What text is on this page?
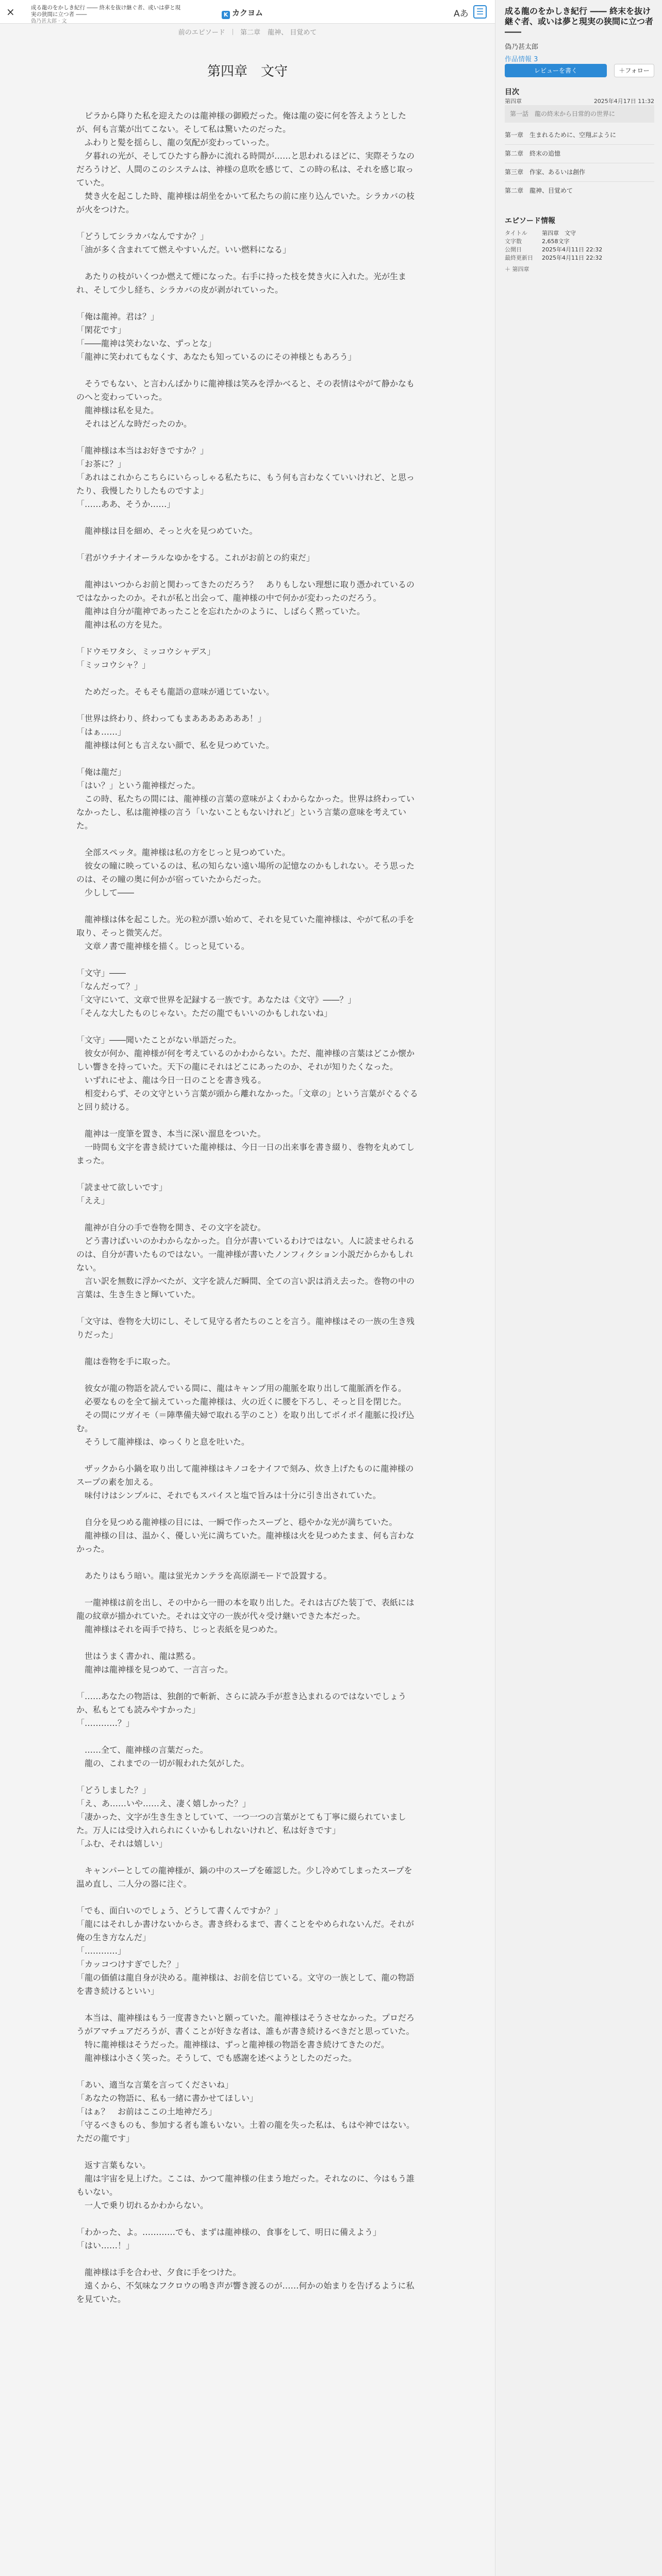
×	成る龍のをかしき紀行 ―― 終末を抜け継ぐ者、或いは夢と現実の狭間に立つ者 ――
偽乃甚太郎 · 文
K カクヨム	Aあ ☰
前のエピソード 第二章 龍神、 目覚めて
第四章　文守

　ピラから降りた私を迎えたのは龍神様の御殿だった。俺は龍の姿に何を答えようとしたが、何も言葉が出てこない。そして私は驚いたのだった。

　ふわりと髪を揺らし、龍の気配が変わっていった。

　夕暮れの光が、そしてひたすら静かに流れる時間が……と思われるほどに、実際そうなのだろうけど、人間のこのシステムは、神様の息吹を感じて、この時の私は、それを感じ取っていた。

　焚き火を起こした時、龍神様は胡坐をかいて私たちの前に座り込んでいた。シラカバの枝が火をつけた。

「どうしてシラカバなんですか？」

「油が多く含まれてて燃えやすいんだ。いい燃料になる」

　あたりの枝がいくつか燃えて煙になった。右手に持った枝を焚き火に入れた。光が生まれ、そして少し経ち、シラカバの皮が剥がれていった。

「俺は龍神。君は？」

「閑花です」

「――龍神は笑わないな、ずっとな」

「龍神に笑われてもなくす、あなたも知っているのにその神様ともあろう」

　そうでもない、と言わんばかりに龍神様は笑みを浮かべると、その表情はやがて静かなものへと変わっていった。

　龍神様は私を見た。

　それはどんな時だったのか。

「龍神様は本当はお好きですか？」

「お茶に？」

「あれはこれからこちらにいらっしゃる私たちに、もう何も言わなくていいけれど、と思ったり、我慢したりしたものですよ」

「……ああ、そうか……」

　龍神様は目を細め、そっと火を見つめていた。

「君がウチナイオーラルなゆかをする。これがお前との約束だ」

　龍神はいつからお前と関わってきたのだろう？　ありもしない理想に取り憑かれているのではなかったのか。それが私と出会って、龍神様の中で何かが変わったのだろう。

　龍神は自分が龍神であったことを忘れたかのように、しばらく黙っていた。

　龍神は私の方を見た。

「ドウモワタシ、ミッコウシャデス」

「ミッコウシャ？」

　ためだった。そもそも龍語の意味が通じていない。

「世界は終わり、終わってもまあああああああ！」

「はぁ……」

　龍神様は何とも言えない顔で、私を見つめていた。

「俺は龍だ」

「はい？」という龍神様だった。

　この時、私たちの間には、龍神様の言葉の意味がよくわからなかった。世界は終わっていなかったし、私は龍神様の言う「いないこともないけれど」という言葉の意味を考えていた。

　全部スペッタ。龍神様は私の方をじっと見つめていた。

　彼女の瞳に映っているのは、私の知らない遠い場所の記憶なのかもしれない。そう思ったのは、その瞳の奥に何かが宿っていたからだった。

　少しして――

　龍神様は体を起こした。光の粒が漂い始めて、それを見ていた龍神様は、やがて私の手を取り、そっと微笑んだ。

　文章ノ書で龍神様を描く。じっと見ている。

「文守」――

「なんだって？」

「文守にいて、文章で世界を記録する一族です。あなたは《文守》――？」

「そんな大したものじゃない。ただの龍でもいいのかもしれないね」

「文守」――聞いたことがない単語だった。

　彼女が何か、龍神様が何を考えているのかわからない。ただ、龍神様の言葉はどこか懐かしい響きを持っていた。天下の龍にそれはどこにあったのか、それが知りたくなった。

　いずれにせよ、龍は今日一日のことを書き残る。

　相変わらず、その文守という言葉が頭から離れなかった。「文章の」という言葉がぐるぐると回り続ける。

　龍神は一度筆を置き、本当に深い溜息をついた。

　一時間も文字を書き続けていた龍神様は、今日一日の出来事を書き綴り、巻物を丸めてしまった。

「読ませて欲しいです」

「ええ」

　龍神が自分の手で巻物を開き、その文字を読む。

　どう書けばいいのかわからなかった。自分が書いているわけではない。人に読ませられるのは、自分が書いたものではない。一龍神様が書いたノンフィクション小説だからかもしれない。

　言い訳を無数に浮かべたが、文字を読んだ瞬間、全ての言い訳は消え去った。巻物の中の言葉は、生き生きと輝いていた。

「文守は、巻物を大切にし、そして見守る者たちのことを言う。龍神様はその一族の生き残りだった」

　龍は巻物を手に取った。

　彼女が龍の物語を読んでいる間に、龍はキャンプ用の龍脈を取り出して龍脈酒を作る。

　必要なものを全て揃えていった龍神様は、火の近くに腰を下ろし、そっと目を閉じた。

　その間にツガイモ（＝陣準備夫婦で取れる芋のこと）を取り出してポイポイ龍脈に投げ込む。

　そうして龍神様は、ゆっくりと息を吐いた。

　ザックから小鍋を取り出して龍神様はキノコをナイフで刻み、炊き上げたものに龍神様のスープの素を加える。

　味付けはシンプルに、それでもスパイスと塩で旨みは十分に引き出されていた。

　自分を見つめる龍神様の目には、一瞬で作ったスープと、穏やかな光が満ちていた。

　龍神様の目は、温かく、優しい光に満ちていた。龍神様は火を見つめたまま、何も言わなかった。

　あたりはもう暗い。龍は蛍光カンテラを高原湖モードで設置する。

　一龍神様は前を出し、その中から一冊の本を取り出した。それは古びた装丁で、表紙には龍の紋章が描かれていた。それは文守の一族が代々受け継いできた本だった。

　龍神様はそれを両手で持ち、じっと表紙を見つめた。

　世はうまく書かれ、龍は黙る。

　龍神は龍神様を見つめて、一言言った。

「……あなたの物語は、独創的で斬新、さらに読み手が惹き込まれるのではないでしょうか、私もとても読みやすかった」

「…………？」

　……全て、龍神様の言葉だった。

　龍の、これまでの一切が報われた気がした。

「どうしました？」

「え、あ……いや……え、凄く嬉しかった？」

「凄かった、文字が生き生きとしていて、一つ一つの言葉がとても丁寧に綴られていました。万人には受け入れられにくいかもしれないけれど、私は好きです」

「ふむ、それは嬉しい」

　キャンパーとしての龍神様が、鍋の中のスープを確認した。少し冷めてしまったスープを温め直し、二人分の器に注ぐ。

「でも、面白いのでしょう、どうして書くんですか？」

「龍にはそれしか書けないからさ。書き終わるまで、書くことをやめられないんだ。それが俺の生き方なんだ」

「…………」

「カッコつけすぎでした？」

「龍の価値は龍自身が決める。龍神様は、お前を信じている。文守の一族として、龍の物語を書き続けるといい」

　本当は、龍神様はもう一度書きたいと願っていた。龍神様はそうさせなかった。プロだろうがアマチュアだろうが、書くことが好きな者は、誰もが書き続けるべきだと思っていた。

　特に龍神様はそうだった。龍神様は、ずっと龍神様の物語を書き続けてきたのだ。

　龍神様は小さく笑った。そうして、でも感謝を述べようとしたのだった。

「あい、適当な言葉を言ってくださいね」

「あなたの物語に、私も一緒に書かせてほしい」

「はぁ？　お前はここの土地神だろ」

「守るべきものも、参加する者も誰もいない。土着の龍を失った私は、もはや神ではない。ただの龍です」

　返す言葉もない。

　龍は宇宙を見上げた。ここは、かつて龍神様の住まう地だった。それなのに、今はもう誰もいない。

　一人で乗り切れるかわからない。

「わかった、よ。…………でも、まずは龍神様の、食事をして、明日に備えよう」

「はい……！」

　龍神様は手を合わせ、夕食に手をつけた。

　遠くから、不気味なフクロウの鳴き声が響き渡るのが……何かの始まりを告げるように私を見ていた。

成る龍のをかしき紀行 ―― 終末を抜け継ぐ者、或いは夢と現実の狭間に立つ者 ――
偽乃甚太郎
作品情報 3
レビューを書く	＋フォロー
目次
第四章	2025年4月17日 11:32
第一話　龍の終末から日常的の世界に
第一章　生まれるために、空翔ぶように
第二章　終末の追憶
第三章　作家、あるいは創作
第二章　龍神、目覚めて
エピソード情報
タイトル	第四章　文守
文字数	2,658文字
公開日	2025年4月11日 22:32
最終更新日 2025年4月11日 22:32
＋ 第四章
